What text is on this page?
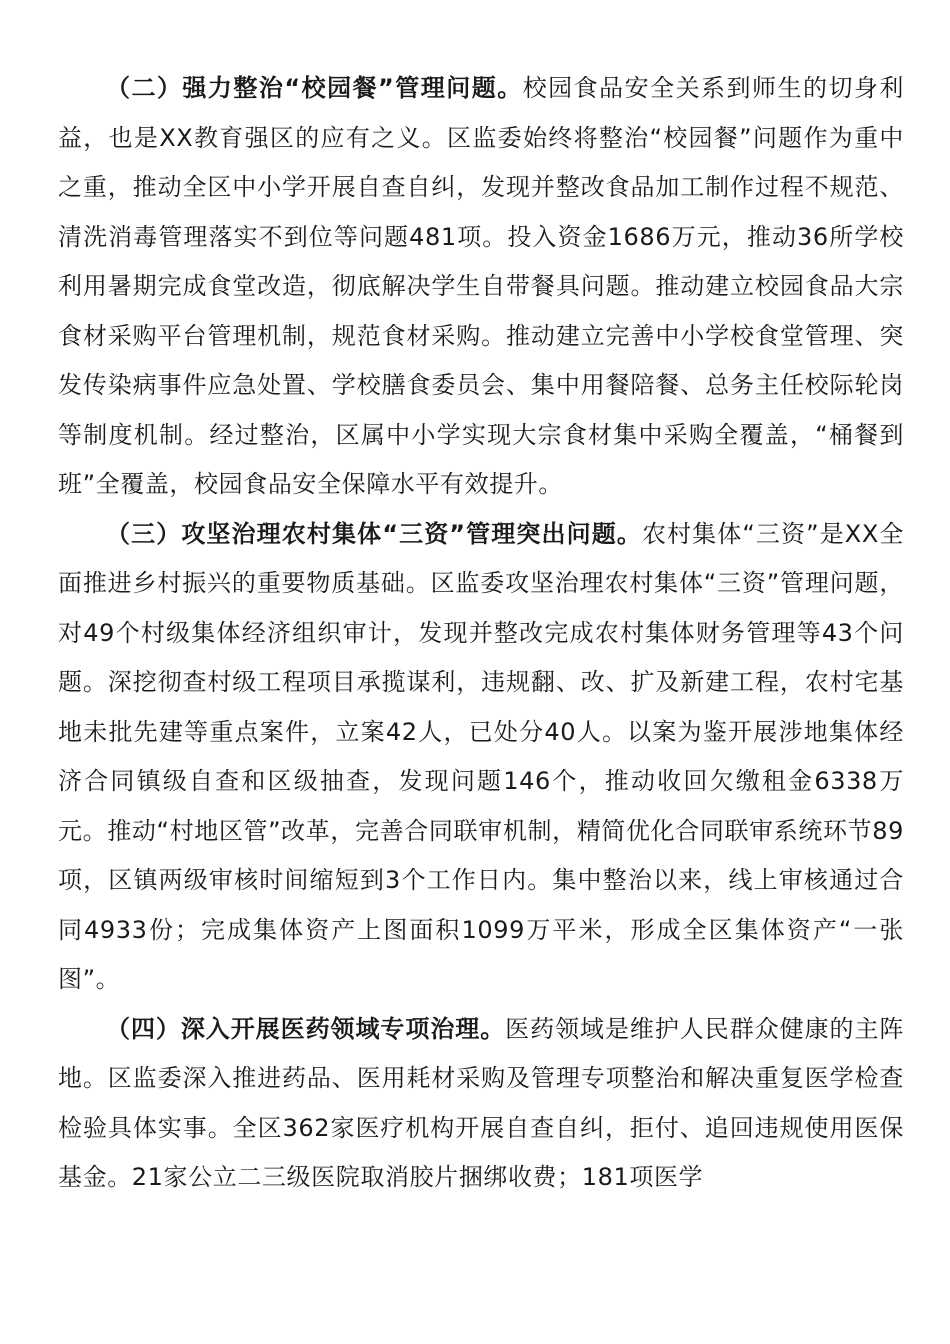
（二）强力整治“校园餐”管理问题。校园食品安全关系到师生的切身利益，也是XX教育强区的应有之义。区监委始终将整治“校园餐”问题作为重中之重，推动全区中小学开展自查自纠，发现并整改食品加工制作过程不规范、清洗消毒管理落实不到位等问题481项。投入资金1686万元，推动36所学校利用暑期完成食堂改造，彻底解决学生自带餐具问题。推动建立校园食品大宗食材采购平台管理机制，规范食材采购。推动建立完善中小学校食堂管理、突发传染病事件应急处置、学校膳食委员会、集中用餐陪餐、总务主任校际轮岗等制度机制。经过整治，区属中小学实现大宗食材集中采购全覆盖，“桶餐到班”全覆盖，校园食品安全保障水平有效提升。

（三）攻坚治理农村集体“三资”管理突出问题。农村集体“三资”是XX全面推进乡村振兴的重要物质基础。区监委攻坚治理农村集体“三资”管理问题，对49个村级集体经济组织审计，发现并整改完成农村集体财务管理等43个问题。深挖彻查村级工程项目承揽谋利，违规翻、改、扩及新建工程，农村宅基地未批先建等重点案件，立案42人，已处分40人。以案为鉴开展涉地集体经济合同镇级自查和区级抽查，发现问题146个，推动收回欠缴租金6338万元。推动“村地区管”改革，完善合同联审机制，精简优化合同联审系统环节89项，区镇两级审核时间缩短到3个工作日内。集中整治以来，线上审核通过合同4933份；完成集体资产上图面积1099万平米，形成全区集体资产“一张图”。

（四）深入开展医药领域专项治理。医药领域是维护人民群众健康的主阵地。区监委深入推进药品、医用耗材采购及管理专项整治和解决重复医学检查检验具体实事。全区362家医疗机构开展自查自纠，拒付、追回违规使用医保基金。21家公立二三级医院取消胶片捆绑收费；181项医学
